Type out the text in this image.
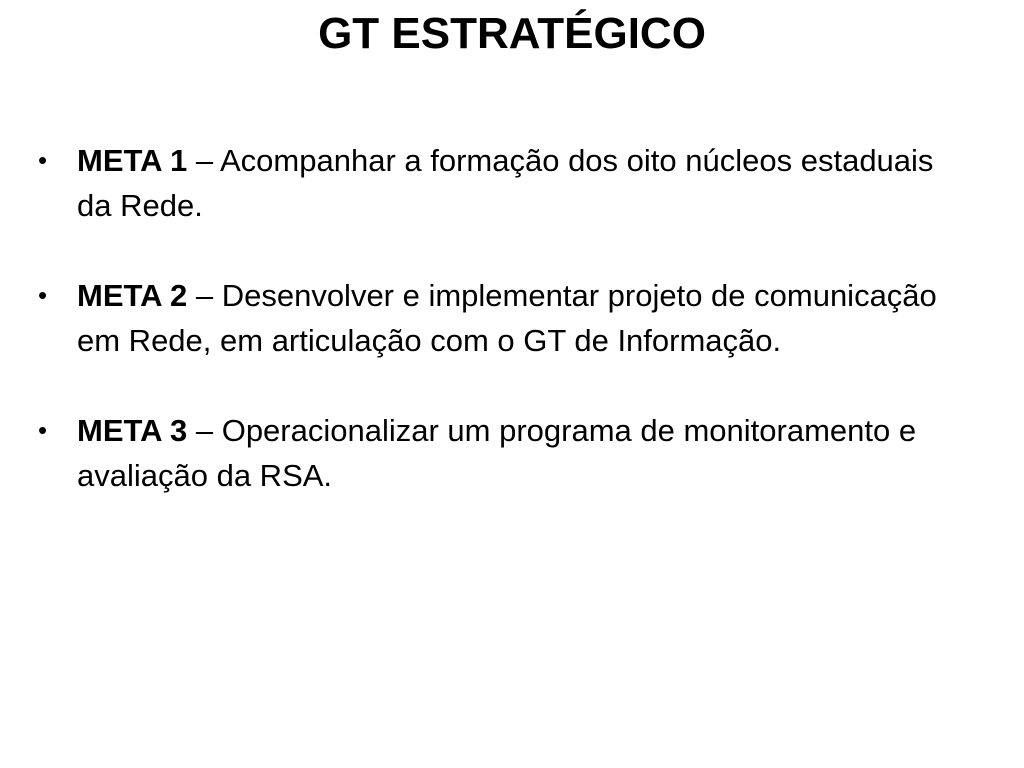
GT ESTRATÉGICO
• META 1 – Acompanhar a formação dos oito núcleos estaduais da Rede.
• META 2 – Desenvolver e implementar projeto de comunicação em Rede, em articulação com o GT de Informação.
• META 3 – Operacionalizar um programa de monitoramento e avaliação da RSA.
